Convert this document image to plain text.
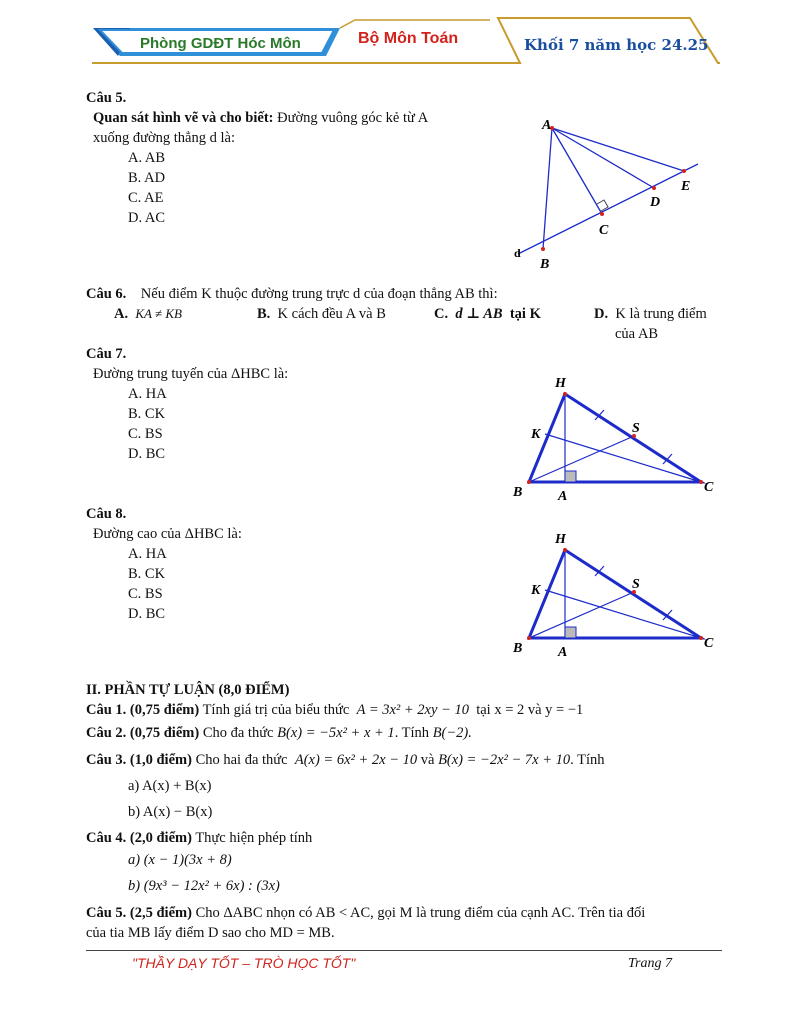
Phòng GDĐT Hóc Môn	Bộ Môn Toán	Khối 7 năm học 24.25
Câu 5.
Quan sát hình vẽ và cho biết: Đường vuông góc kẻ từ A
xuống đường thẳng d là:
A. AB
B. AD
C. AE
D. AC
A
B
C
D
E
d
Câu 6. Nếu điểm K thuộc đường trung trực d của đoạn thẳng AB thì:
A. KA ≠ KB	B. K cách đều A và B	C. d ⊥ AB tại K	D. K là trung điểm
của AB
Câu 7.
Đường trung tuyến của ΔHBC là:
A. HA
B. CK
C. BS
D. BC
H
K	S
B	A
C
Câu 8.
Đường cao của ΔHBC là:
A. HA
B. CK
C. BS
D. BC
H
K	S
B	A
C
II. PHẦN TỰ LUẬN (8,0 ĐIỂM)
Câu 1. (0,75 điểm) Tính giá trị của biểu thức A = 3x² + 2xy − 10 tại x = 2 và y = −1
Câu 2. (0,75 điểm) Cho đa thức B(x) = −5x² + x + 1. Tính B(−2).
Câu 3. (1,0 điểm) Cho hai đa thức A(x) = 6x² + 2x − 10 và B(x) = −2x² − 7x + 10. Tính
a) A(x) + B(x)
b) A(x) − B(x)
Câu 4. (2,0 điểm) Thực hiện phép tính
a) (x − 1)(3x + 8)
b) (9x³ − 12x² + 6x) : (3x)
Câu 5. (2,5 điểm) Cho ΔABC nhọn có AB < AC, gọi M là trung điểm của cạnh AC. Trên tia đối
của tia MB lấy điểm D sao cho MD = MB.
"THẦY DẠY TỐT – TRÒ HỌC TỐT"	Trang 7
